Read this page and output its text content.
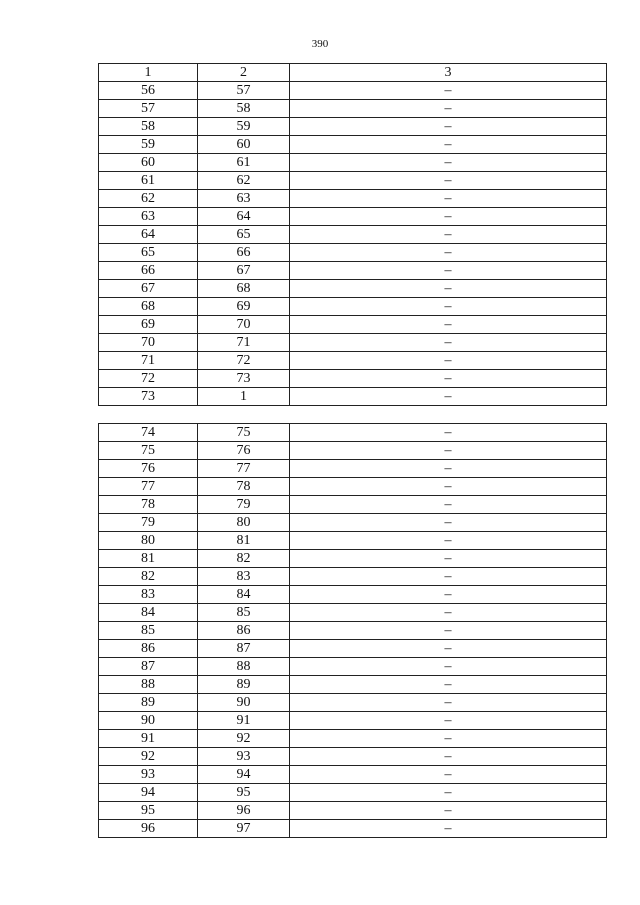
390
1	2	3
56	57	–
57	58	–
58	59	–
59	60	–
60	61	–
61	62	–
62	63	–
63	64	–
64	65	–
65	66	–
66	67	–
67	68	–
68	69	–
69	70	–
70	71	–
71	72	–
72	73	–
73	1	–

74	75	–
75	76	–
76	77	–
77	78	–
78	79	–
79	80	–
80	81	–
81	82	–
82	83	–
83	84	–
84	85	–
85	86	–
86	87	–
87	88	–
88	89	–
89	90	–
90	91	–
91	92	–
92	93	–
93	94	–
94	95	–
95	96	–
96	97	–
